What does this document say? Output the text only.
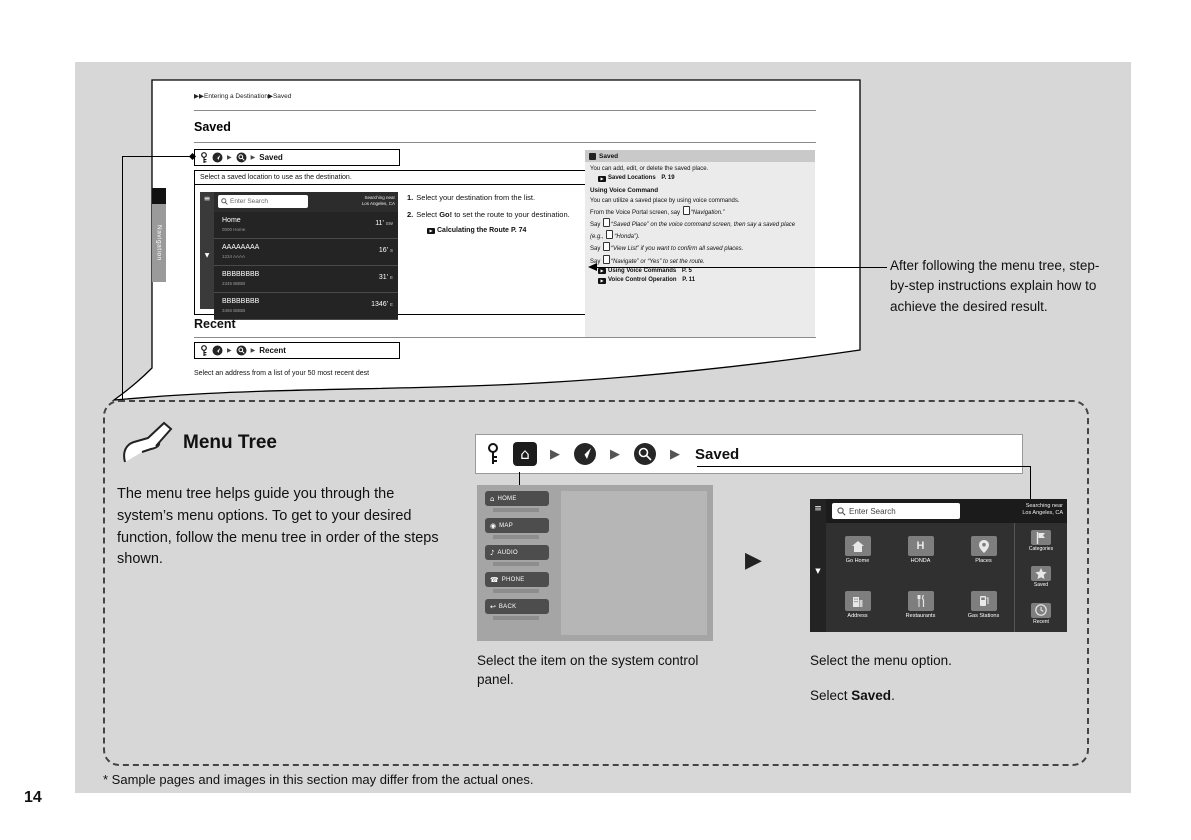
▶▶Entering a Destination▶Saved
Saved
▶	▶ Saved
Select a saved location to use as the destination.
≡
▼
Enter Search
Searching near
Los Angeles, CA
Home
0000 Home
11' SW
AAAAAAAA
1234 AAAA
16' S
BBBBBBBB
2345 BBBB
31' E
BBBBBBBB
3456 BBBB
1346' E
1. Select your destination from the list.
2. Select Go! to set the route to your destination.
▶ Calculating the Route P. 74
Saved

You can add, edit, or delete the saved place.

▶ Saved Locations
P. 19

Using Voice Command

You can utilize a saved place by using voice commands.

From the Voice Portal screen, say “Navigation.”

Say “Saved Place” on the voice command screen, then say a saved place (e.g., “Honda”).

Say “View List” if you want to confirm all saved places.

Say “Navigate” or “Yes” to set the route.

▶ Using Voice Commands
P. 5

▶ Voice Control Operation
P. 11

Recent
▶	▶ Recent
Select an address from a list of your 50 most recent dest
Navigation
After following the menu tree, step-by-step instructions explain how to achieve the desired result.
Menu Tree
The menu tree helps guide you through the system’s menu options. To get to your desired function, follow the menu tree in order of the steps shown.
⌂	▶	▶	▶ Saved
⌂ HOME
◉ MAP
♪ AUDIO
☎ PHONE
↩ BACK
▶
≡
▼
Enter Search
Searching near
Los Angeles, CA
Go Home
H
HONDA	Places
Address	Restaurants	Gas Stations
Categories
Saved
Recent
Select the item on the system control panel.
Select the menu option.
Select Saved.
* Sample pages and images in this section may differ from the actual ones.
14
